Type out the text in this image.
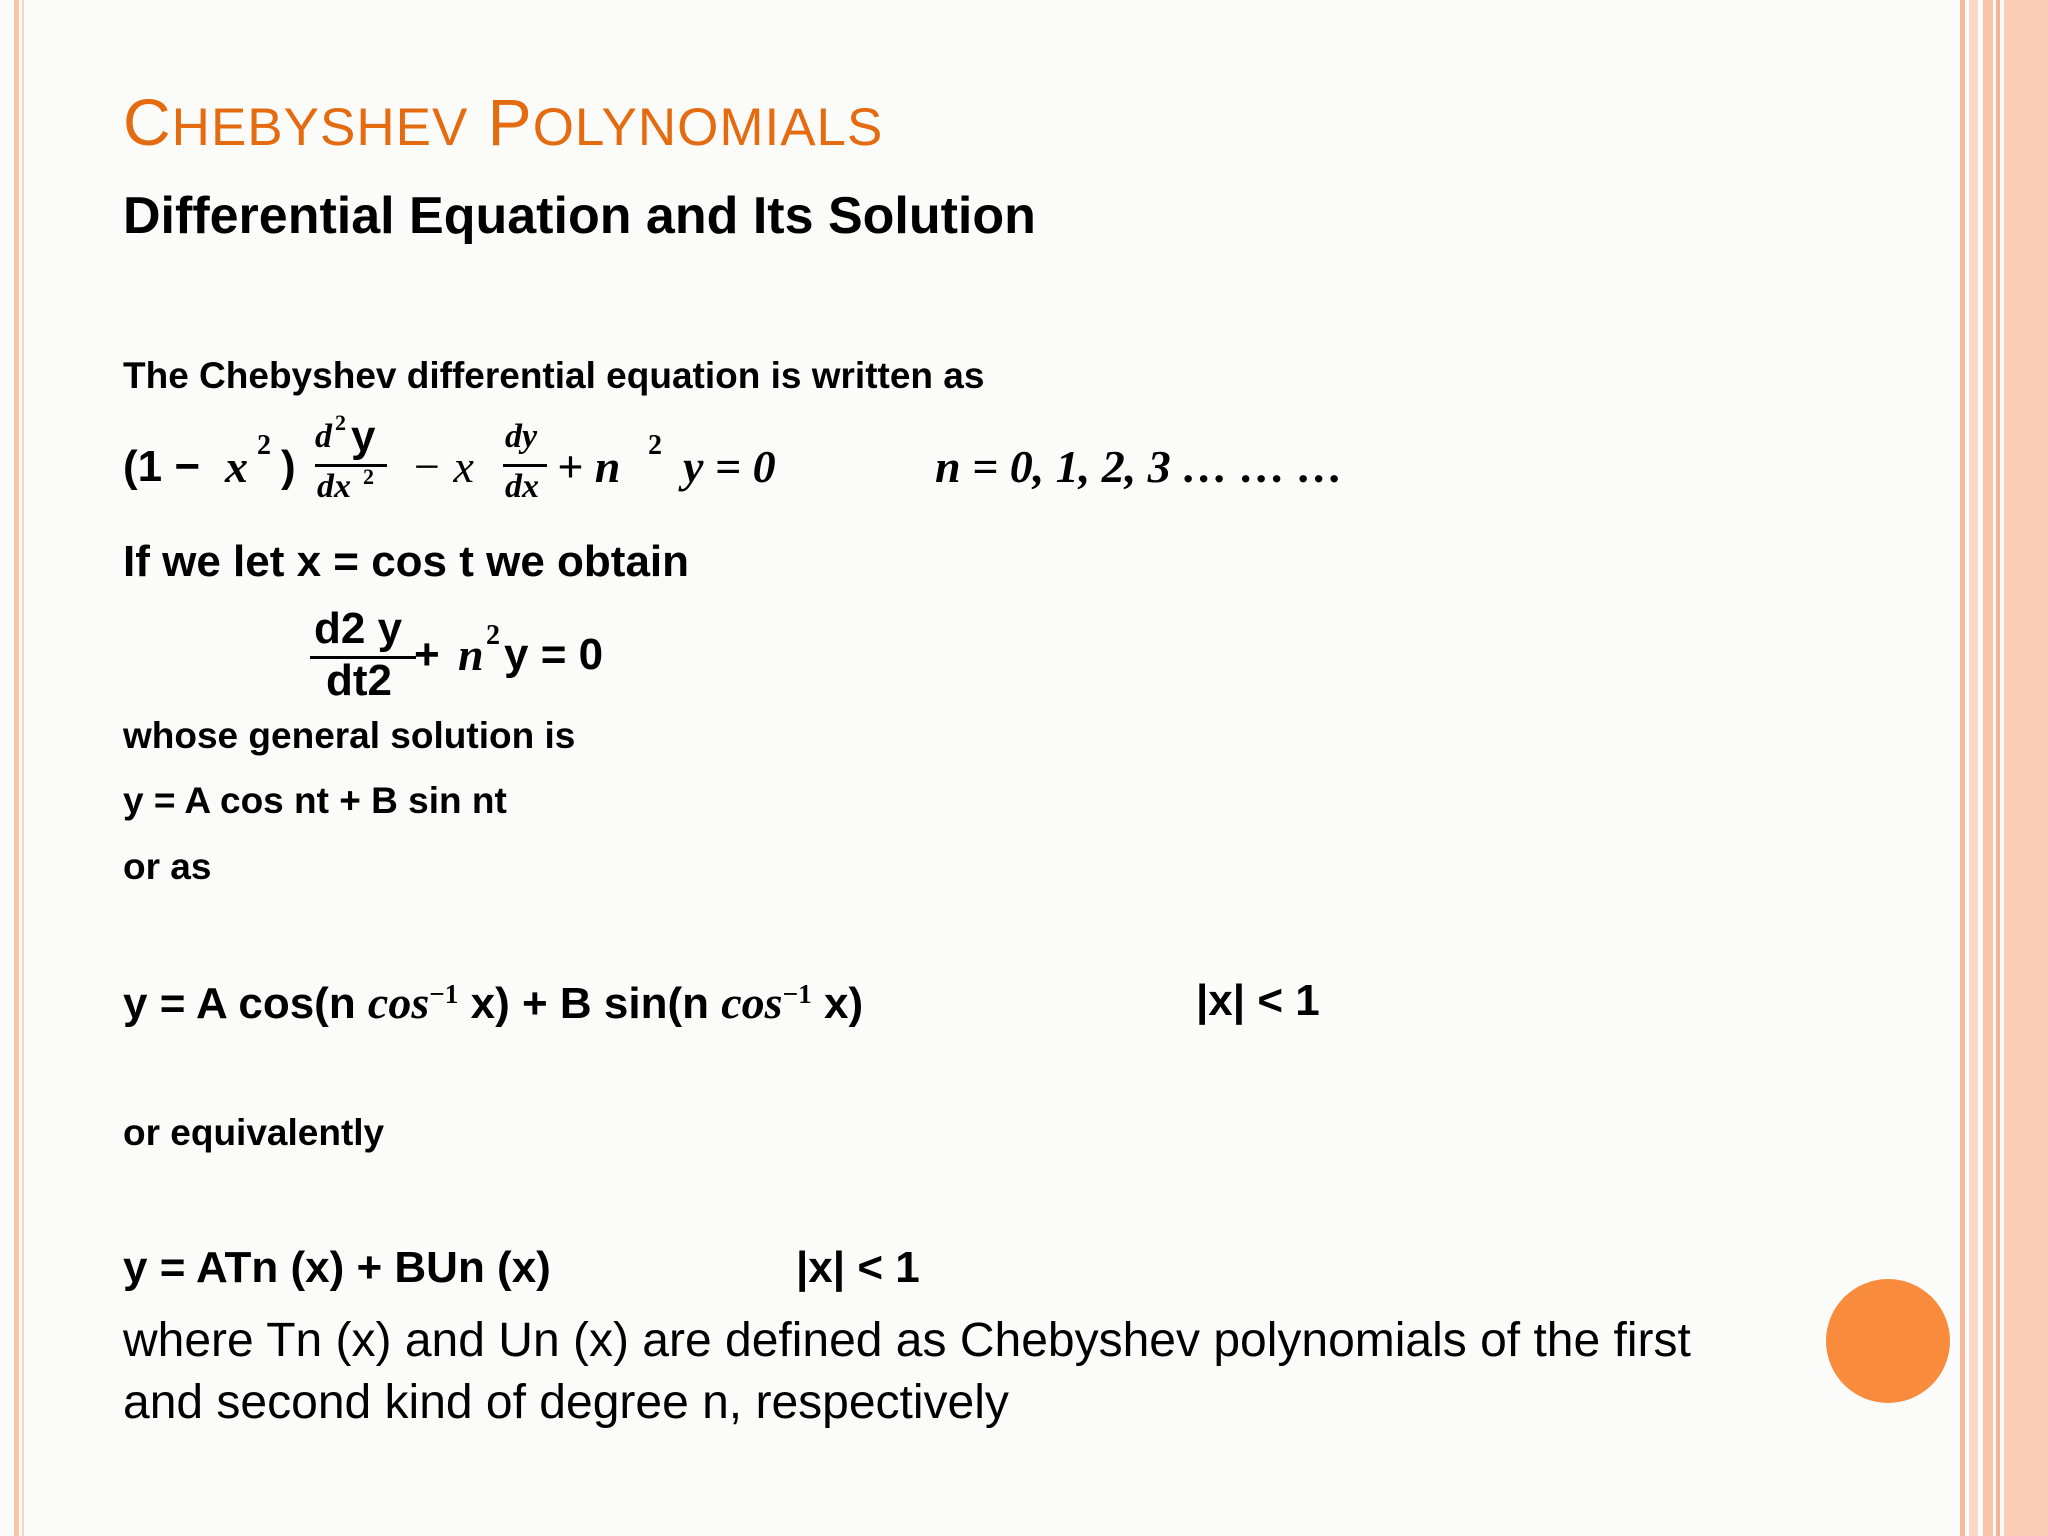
CHEBYSHEV POLYNOMIALS
Differential Equation and Its Solution
The Chebyshev differential equation is written as
(1 − x 2 )
d 2 y
dx 2 − x
dy
dx + n 2 y = 0	n = 0, 1, 2, 3 … … …
If we let x = cos t we obtain
d2 y
dt2
+ n 2 y = 0
whose general solution is
y = A cos nt + B sin nt
or as
y = A cos(n $\cos^{-1} x) + B$ sin(n $\cos^{-1} x$)	|x| < 1
or equivalently
y = ATn (x) + BUn (x)	|x| < 1
where Tn (x) and Un (x) are defined as Chebyshev polynomials of the first and second kind of degree n, respectively
